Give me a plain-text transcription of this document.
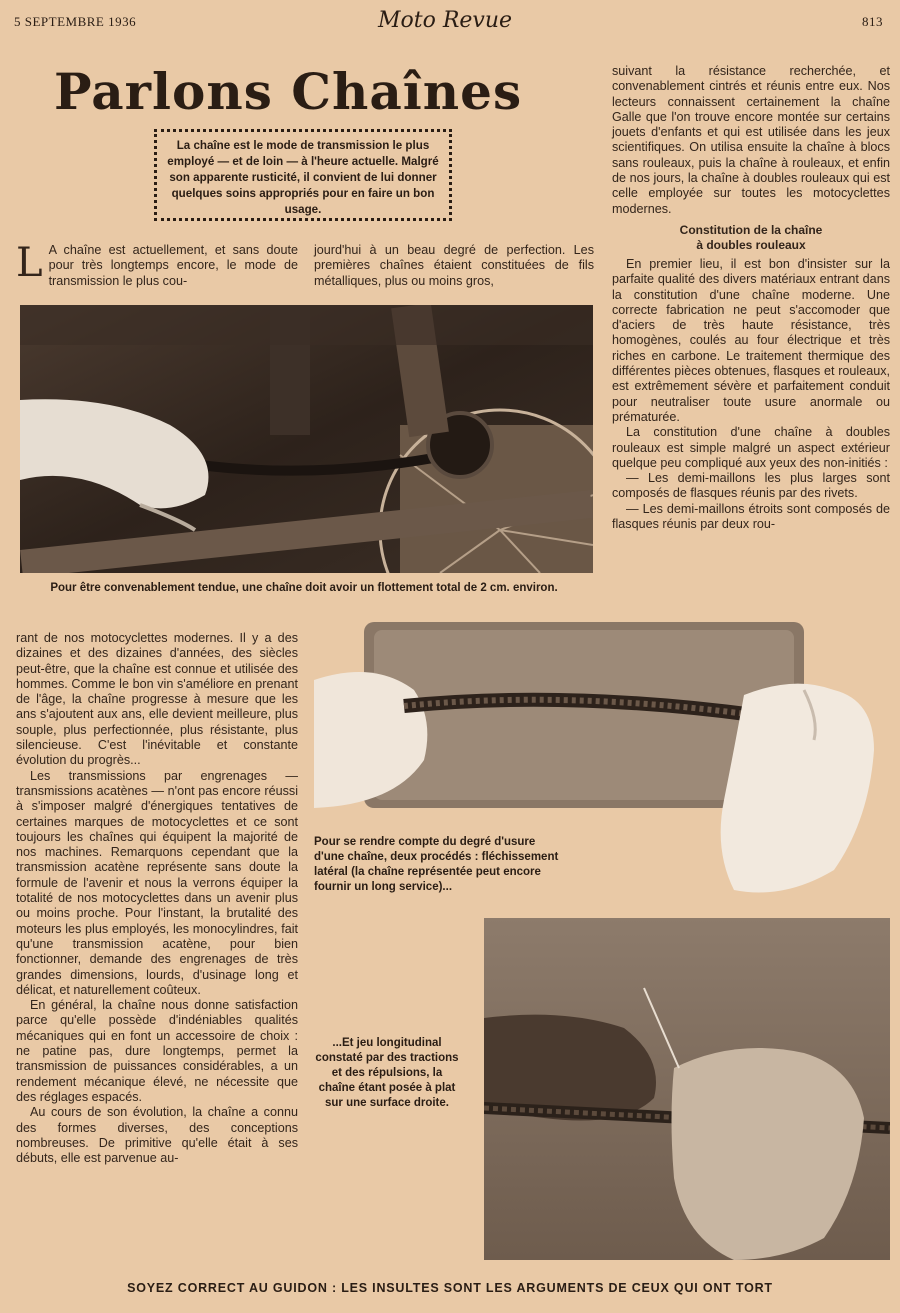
5 SEPTEMBRE 1936	Moto Revue	813
Parlons Chaînes
La chaîne est le mode de transmission le plus employé — et de loin — à l'heure actuelle. Malgré son apparente rusticité, il convient de lui donner quelques soins appropriés pour en faire un bon usage.
L A chaîne est actuellement, et sans doute pour très longtemps encore, le mode de transmission le plus cou-

jourd'hui à un beau degré de perfection. Les premières chaînes étaient constituées de fils métalliques, plus ou moins gros,

Pour être convenablement tendue, une chaîne doit avoir un flottement total de 2 cm. environ.

suivant la résistance recherchée, et convenablement cintrés et réunis entre eux. Nos lecteurs connaissent certainement la chaîne Galle que l'on trouve encore montée sur certains jouets d'enfants et qui est utilisée dans les jeux scientifiques. On utilisa ensuite la chaîne à blocs sans rouleaux, puis la chaîne à rouleaux, et enfin de nos jours, la chaîne à doubles rouleaux qui est celle employée sur toutes les motocyclettes modernes.

Constitution de la chaîne
à doubles rouleaux

En premier lieu, il est bon d'insister sur la parfaite qualité des divers matériaux entrant dans la constitution d'une chaîne moderne. Une correcte fabrication ne peut s'accomoder que d'aciers de très haute résistance, très homogènes, coulés au four électrique et très riches en carbone. Le traitement thermique des différentes pièces obtenues, flasques et rouleaux, est extrêmement sévère et parfaitement conduit pour neutraliser toute usure anormale ou prématurée.

La constitution d'une chaîne à doubles rouleaux est simple malgré un aspect extérieur quelque peu compliqué aux yeux des non-initiés :

— Les demi-maillons les plus larges sont composés de flasques réunis par des rivets.

— Les demi-maillons étroits sont composés de flasques réunis par deux rou-

rant de nos motocyclettes modernes. Il y a des dizaines et des dizaines d'années, des siècles peut-être, que la chaîne est connue et utilisée des hommes. Comme le bon vin s'améliore en prenant de l'âge, la chaîne progresse à mesure que les ans s'ajoutent aux ans, elle devient meilleure, plus souple, plus perfectionnée, plus résistante, plus silencieuse. C'est l'inévitable et constante évolution du progrès...

Les transmissions par engrenages — transmissions acatènes — n'ont pas encore réussi à s'imposer malgré d'énergiques tentatives de certaines marques de motocyclettes et ce sont toujours les chaînes qui équipent la majorité de nos machines. Remarquons cependant que la transmission acatène représente sans doute la formule de l'avenir et nous la verrons équiper la totalité de nos motocyclettes dans un avenir plus ou moins proche. Pour l'instant, la brutalité des moteurs les plus employés, les monocylindres, fait qu'une transmission acatène, pour bien fonctionner, demande des engrenages de très grandes dimensions, lourds, d'usinage long et délicat, et naturellement coûteux.

En général, la chaîne nous donne satisfaction parce qu'elle possède d'indéniables qualités mécaniques qui en font un accessoire de choix : ne patine pas, dure longtemps, permet la transmission de puissances considérables, a un rendement mécanique élevé, ne nécessite que des réglages espacés.

Au cours de son évolution, la chaîne a connu des formes diverses, des conceptions nombreuses. De primitive qu'elle était à ses débuts, elle est parvenue au-

Pour se rendre compte du degré d'usure d'une chaîne, deux procédés : fléchissement latéral (la chaîne représentée peut encore fournir un long service)...
...Et jeu longitudinal constaté par des tractions et des répulsions, la chaîne étant posée à plat sur une surface droite.
SOYEZ CORRECT AU GUIDON : LES INSULTES SONT LES ARGUMENTS DE CEUX QUI ONT TORT
